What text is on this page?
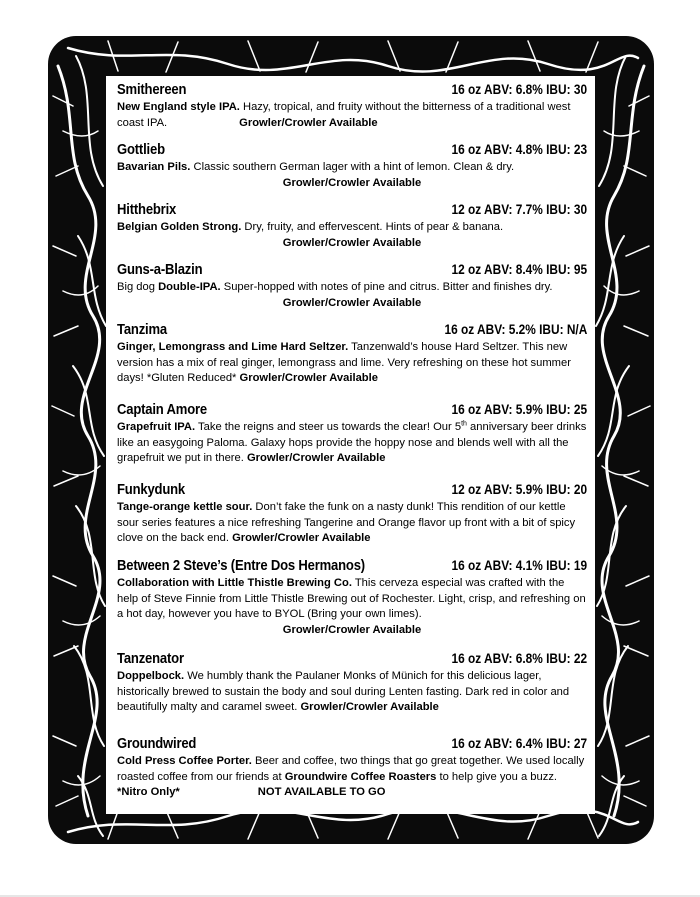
Smithereen	16 oz ABV: 6.8% IBU: 30
New England style IPA. Hazy, tropical, and fruity without the bitterness of a traditional west coast IPA.	Growler/Crowler Available
Gottlieb	16 oz ABV: 4.8% IBU: 23
Bavarian Pils. Classic southern German lager with a hint of lemon. Clean & dry.
Growler/Crowler Available
Hitthebrix	12 oz ABV: 7.7% IBU: 30
Belgian Golden Strong. Dry, fruity, and effervescent. Hints of pear & banana.
Growler/Crowler Available
Guns-a-Blazin	12 oz ABV: 8.4% IBU: 95
Big dog Double-IPA. Super-hopped with notes of pine and citrus. Bitter and finishes dry.
Growler/Crowler Available
Tanzima	16 oz ABV: 5.2% IBU: N/A
Ginger, Lemongrass and Lime Hard Seltzer. Tanzenwald’s house Hard Seltzer. This new version has a mix of real ginger, lemongrass and lime. Very refreshing on these hot summer days! *Gluten Reduced* Growler/Crowler Available
Captain Amore	16 oz ABV: 5.9% IBU: 25
Grapefruit IPA. Take the reigns and steer us towards the clear! Our 5th anniversary beer drinks like an easygoing Paloma. Galaxy hops provide the hoppy nose and blends well with all the grapefruit we put in there. Growler/Crowler Available
Funkydunk	12 oz ABV: 5.9% IBU: 20
Tange-orange kettle sour. Don’t fake the funk on a nasty dunk! This rendition of our kettle sour series features a nice refreshing Tangerine and Orange flavor up front with a bit of spicy clove on the back end. Growler/Crowler Available
Between 2 Steve’s (Entre Dos Hermanos)	16 oz ABV: 4.1% IBU: 19
Collaboration with Little Thistle Brewing Co. This cerveza especial was crafted with the help of Steve Finnie from Little Thistle Brewing out of Rochester. Light, crisp, and refreshing on a hot day, however you have to BYOL (Bring your own limes).
Growler/Crowler Available
Tanzenator	16 oz ABV: 6.8% IBU: 22
Doppelbock. We humbly thank the Paulaner Monks of Münich for this delicious lager, historically brewed to sustain the body and soul during Lenten fasting. Dark red in color and beautifully malty and caramel sweet. Growler/Crowler Available
Groundwired	16 oz ABV: 6.4% IBU: 27
Cold Press Coffee Porter. Beer and coffee, two things that go great together. We used locally roasted coffee from our friends at Groundwire Coffee Roasters to help give you a buzz. *Nitro Only*	NOT AVAILABLE TO GO
